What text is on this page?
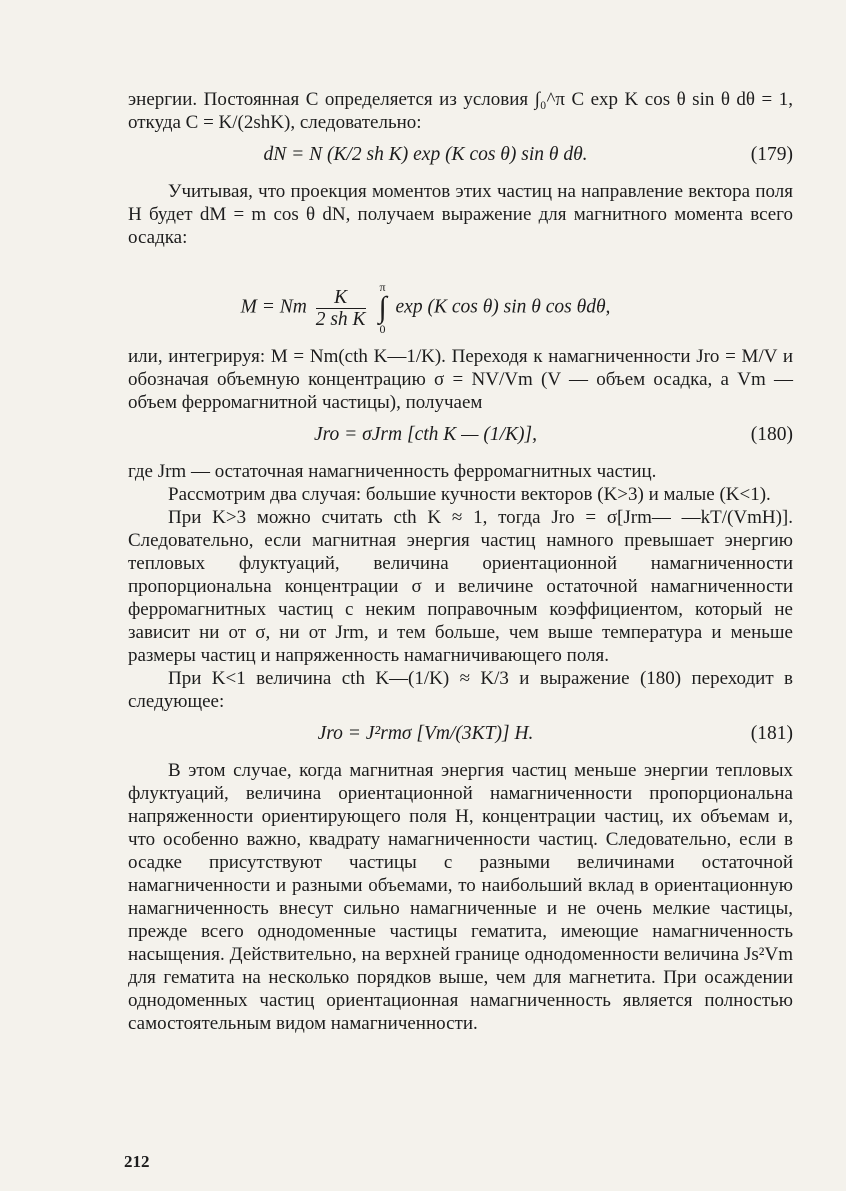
энергии. Постоянная C определяется из условия ∫₀^π C exp K cos θ sin θ dθ = 1, откуда C = K/(2shK), следовательно:

dN = N (K/2 sh K) exp (K cos θ) sin θ dθ.	(179)

Учитывая, что проекция моментов этих частиц на направление вектора поля H будет dM = m cos θ dN, получаем выражение для магнитного момента всего осадка:

M = Nm $\frac{K}{\text{2 sh K}}$
π
∫
0
exp (K cos θ) sin θ cos θdθ,

или, интегрируя: M = Nm(cth K—1/K). Переходя к намагниченности Jro = M/V и обозначая объемную концентрацию σ = NV/Vm (V — объем осадка, а Vm — объем ферромагнитной частицы), получаем

Jro = σJrm [cth K — (1/K)],	(180)

где Jrm — остаточная намагниченность ферромагнитных частиц.

Рассмотрим два случая: большие кучности векторов (K>3) и малые (K<1).

При K>3 можно считать cth K ≈ 1, тогда Jro = σ[Jrm— —kT/(VmH)]. Следовательно, если магнитная энергия частиц намного превышает энергию тепловых флуктуаций, величина ориентационной намагниченности пропорциональна концентрации σ и величине остаточной намагниченности ферромагнитных частиц с неким поправочным коэффициентом, который не зависит ни от σ, ни от Jrm, и тем больше, чем выше температура и меньше размеры частиц и напряженность намагничивающего поля.

При K<1 величина cth K—(1/K) ≈ K/3 и выражение (180) переходит в следующее:

Jro = J²rmσ [Vm/(3KT)] H.	(181)

В этом случае, когда магнитная энергия частиц меньше энергии тепловых флуктуаций, величина ориентационной намагниченности пропорциональна напряженности ориентирующего поля H, концентрации частиц, их объемам и, что особенно важно, квадрату намагниченности частиц. Следовательно, если в осадке присутствуют частицы с разными величинами остаточной намагниченности и разными объемами, то наибольший вклад в ориентационную намагниченность внесут сильно намагниченные и не очень мелкие частицы, прежде всего однодоменные частицы гематита, имеющие намагниченность насыщения. Действительно, на верхней границе однодоменности величина Js²Vm для гематита на несколько порядков выше, чем для магнетита. При осаждении однодоменных частиц ориентационная намагниченность является полностью самостоятельным видом намагниченности.

212
